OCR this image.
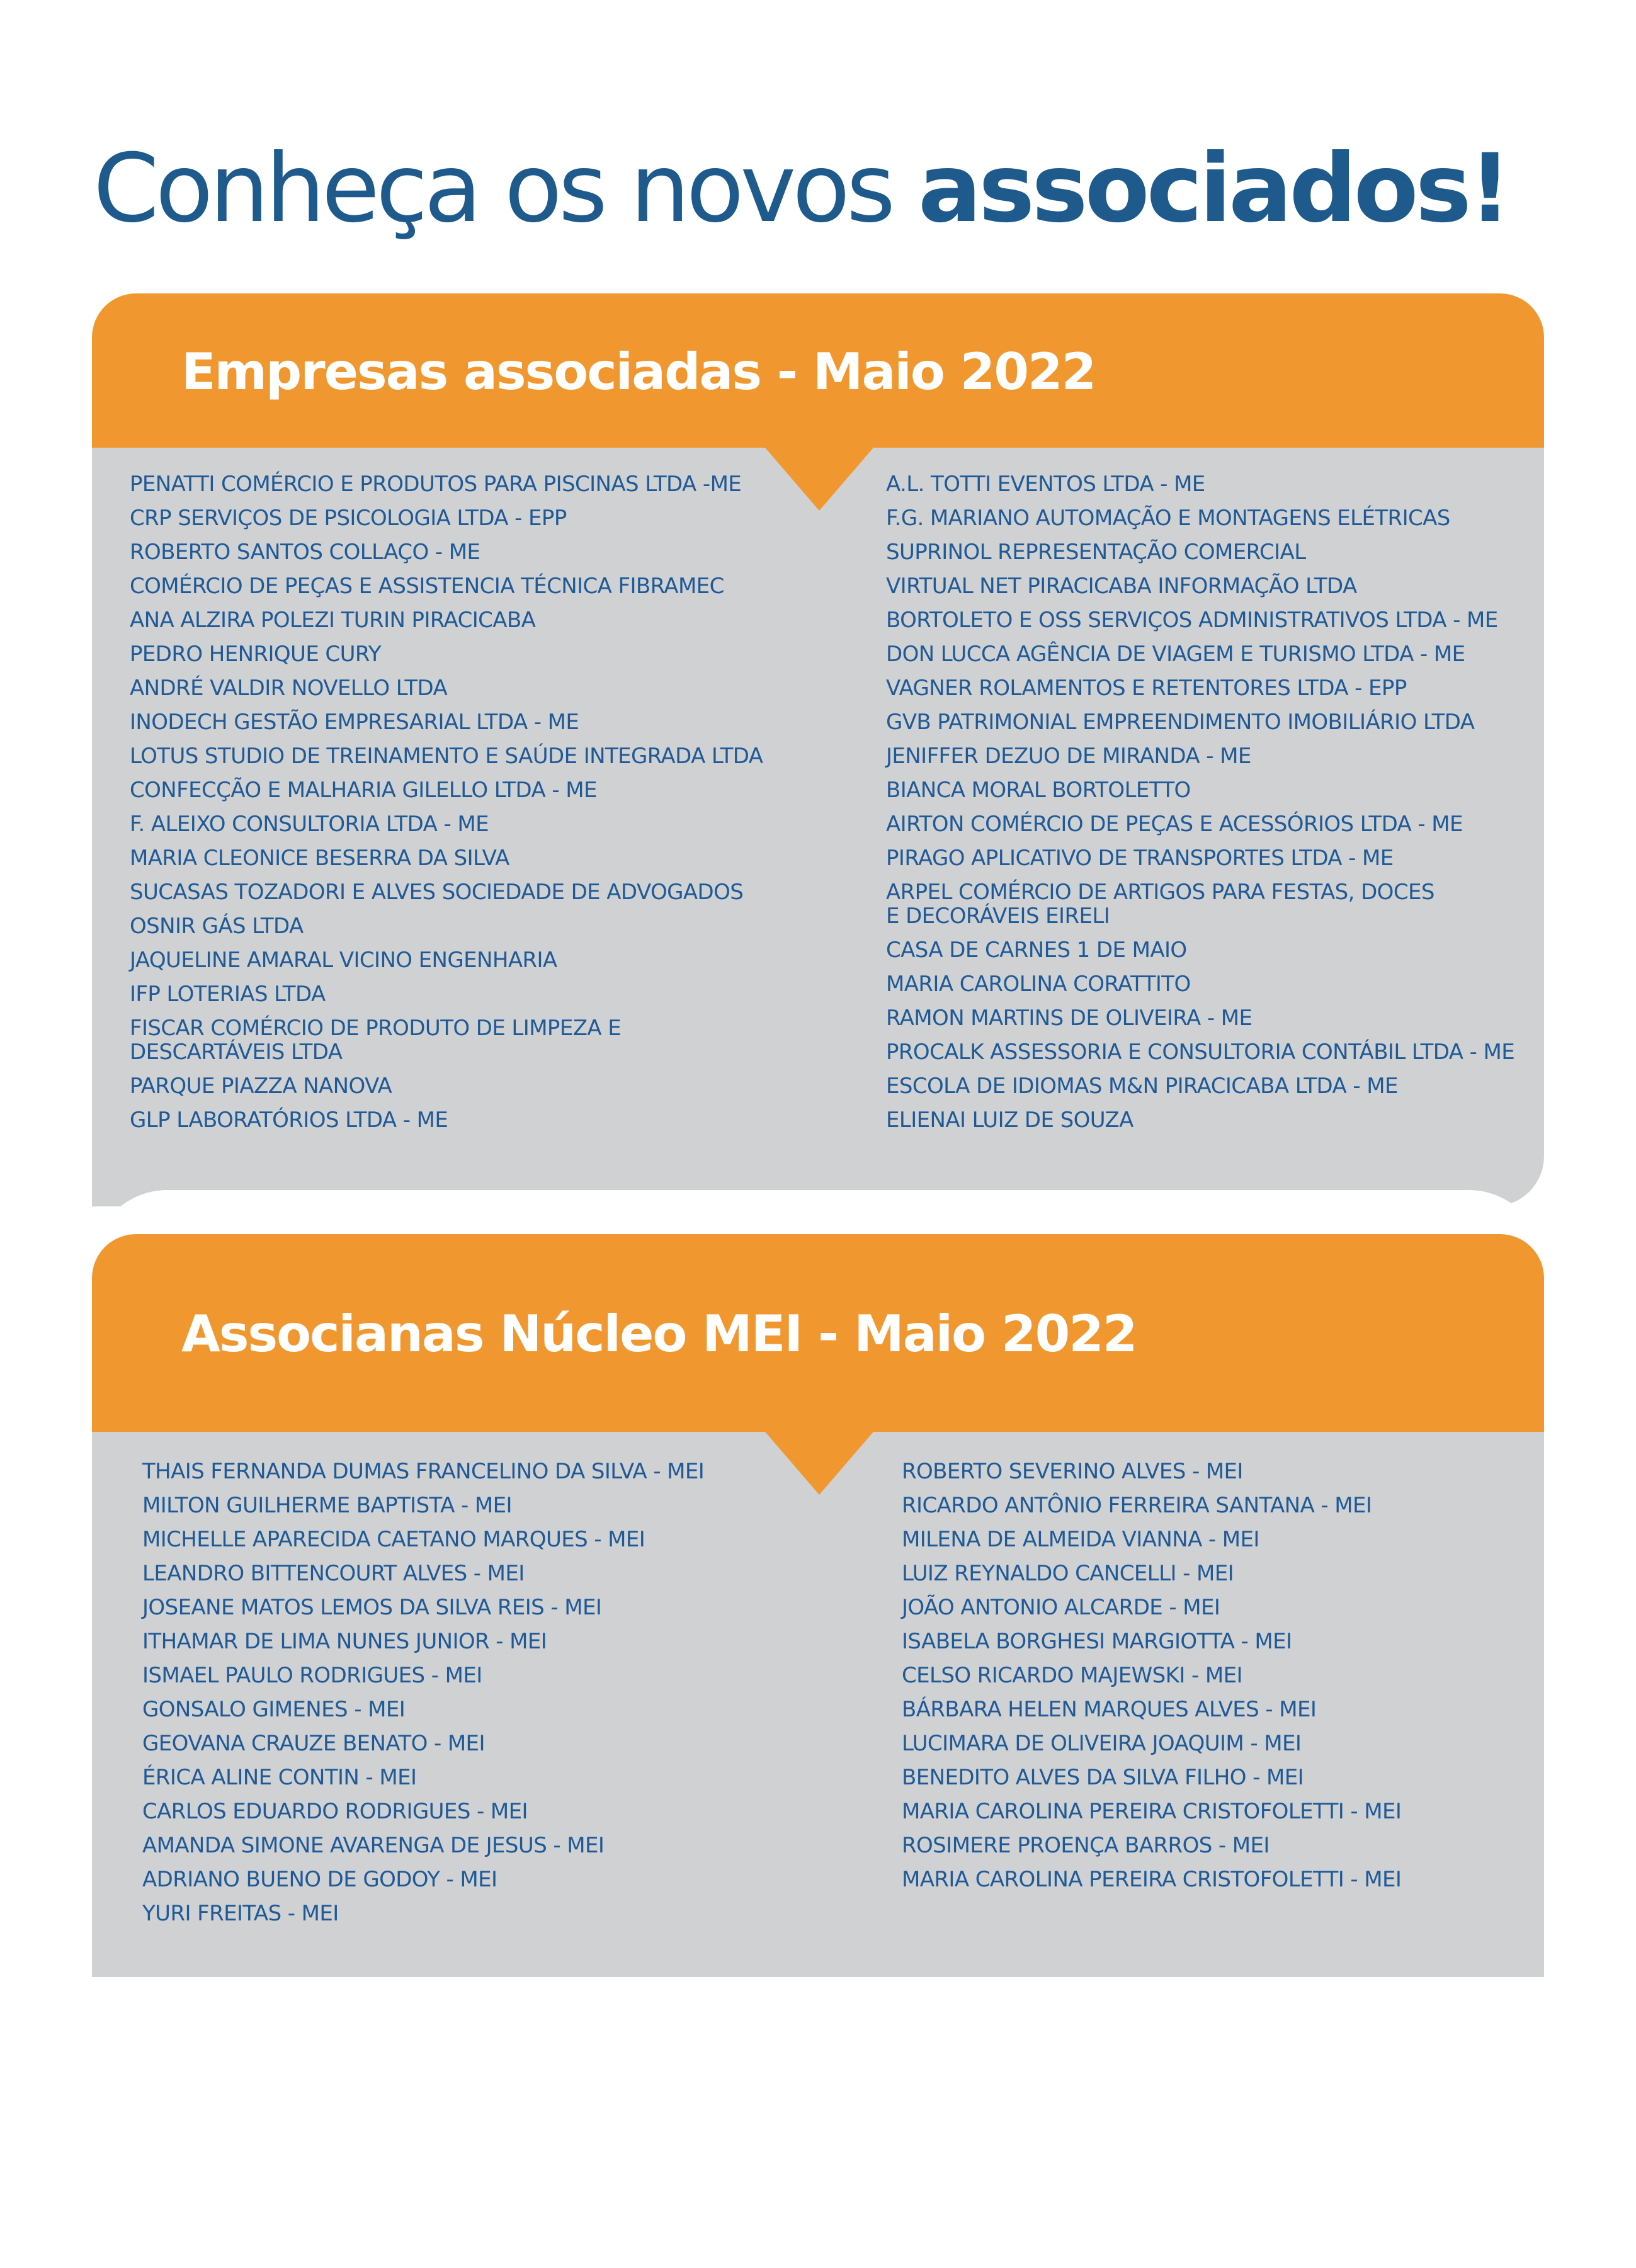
Conheça os novos associados!
Empresas associadas - Maio 2022
Associanas Núcleo MEI - Maio 2022
PENATTI COMÉRCIO E PRODUTOS PARA PISCINAS LTDA -ME
CRP SERVIÇOS DE PSICOLOGIA LTDA - EPP
ROBERTO SANTOS COLLAÇO - ME
COMÉRCIO DE PEÇAS E ASSISTENCIA TÉCNICA FIBRAMEC
ANA ALZIRA POLEZI TURIN PIRACICABA
PEDRO HENRIQUE CURY
ANDRÉ VALDIR NOVELLO LTDA
INODECH GESTÃO EMPRESARIAL LTDA - ME
LOTUS STUDIO DE TREINAMENTO E SAÚDE INTEGRADA LTDA
CONFECÇÃO E MALHARIA GILELLO LTDA - ME
F. ALEIXO CONSULTORIA LTDA - ME
MARIA CLEONICE BESERRA DA SILVA
SUCASAS TOZADORI E ALVES SOCIEDADE DE ADVOGADOS
OSNIR GÁS LTDA
JAQUELINE AMARAL VICINO ENGENHARIA
IFP LOTERIAS LTDA
FISCAR COMÉRCIO DE PRODUTO DE LIMPEZA E DESCARTÁVEIS LTDA
PARQUE PIAZZA NANOVA
GLP LABORATÓRIOS LTDA - ME
A.L. TOTTI EVENTOS LTDA - ME
F.G. MARIANO AUTOMAÇÃO E MONTAGENS ELÉTRICAS
SUPRINOL REPRESENTAÇÃO COMERCIAL
VIRTUAL NET PIRACICABA INFORMAÇÃO LTDA
BORTOLETO E OSS SERVIÇOS ADMINISTRATIVOS LTDA - ME
DON LUCCA AGÊNCIA DE VIAGEM E TURISMO LTDA - ME
VAGNER ROLAMENTOS E RETENTORES LTDA - EPP
GVB PATRIMONIAL EMPREENDIMENTO IMOBILIÁRIO LTDA
JENIFFER DEZUO DE MIRANDA - ME
BIANCA MORAL BORTOLETTO
AIRTON COMÉRCIO DE PEÇAS E ACESSÓRIOS LTDA - ME
PIRAGO APLICATIVO DE TRANSPORTES LTDA - ME
ARPEL COMÉRCIO DE ARTIGOS PARA FESTAS, DOCES E DECORÁVEIS EIRELI
CASA DE CARNES 1 DE MAIO
MARIA CAROLINA CORATTITO
RAMON MARTINS DE OLIVEIRA - ME
PROCALK ASSESSORIA E CONSULTORIA CONTÁBIL LTDA - ME
ESCOLA DE IDIOMAS M&N PIRACICABA LTDA - ME
ELIENAI LUIZ DE SOUZA
THAIS FERNANDA DUMAS FRANCELINO DA SILVA - MEI
MILTON GUILHERME BAPTISTA - MEI
MICHELLE APARECIDA CAETANO MARQUES - MEI
LEANDRO BITTENCOURT ALVES - MEI
JOSEANE MATOS LEMOS DA SILVA REIS - MEI
ITHAMAR DE LIMA NUNES JUNIOR - MEI
ISMAEL PAULO RODRIGUES - MEI
GONSALO GIMENES - MEI
GEOVANA CRAUZE BENATO - MEI
ÉRICA ALINE CONTIN - MEI
CARLOS EDUARDO RODRIGUES - MEI
AMANDA SIMONE AVARENGA DE JESUS - MEI
ADRIANO BUENO DE GODOY - MEI
YURI FREITAS - MEI
ROBERTO SEVERINO ALVES - MEI
RICARDO ANTÔNIO FERREIRA SANTANA - MEI
MILENA DE ALMEIDA VIANNA - MEI
LUIZ REYNALDO CANCELLI - MEI
JOÃO ANTONIO ALCARDE - MEI
ISABELA BORGHESI MARGIOTTA - MEI
CELSO RICARDO MAJEWSKI - MEI
BÁRBARA HELEN MARQUES ALVES - MEI
LUCIMARA DE OLIVEIRA JOAQUIM - MEI
BENEDITO ALVES DA SILVA FILHO - MEI
MARIA CAROLINA PEREIRA CRISTOFOLETTI - MEI
ROSIMERE PROENÇA BARROS - MEI
MARIA CAROLINA PEREIRA CRISTOFOLETTI - MEI
